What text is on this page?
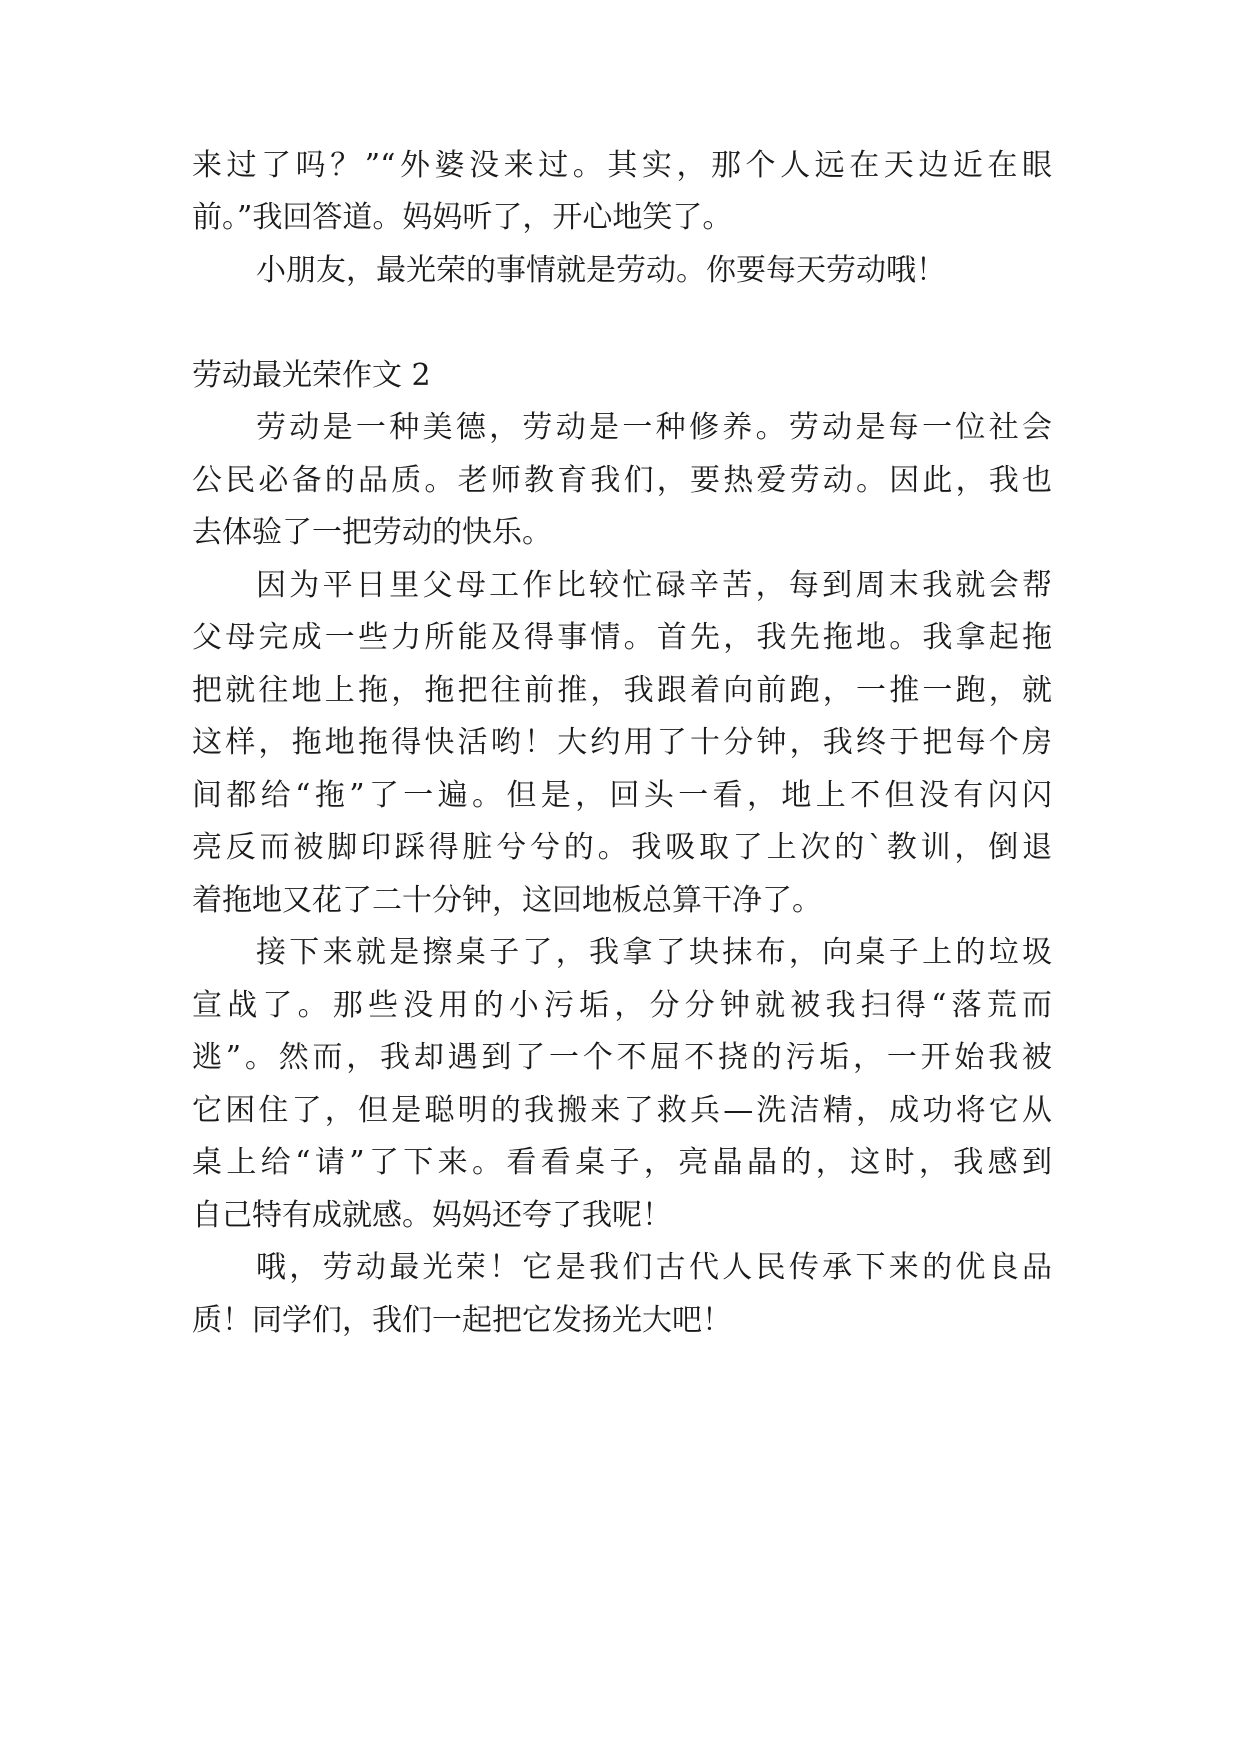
来过了吗？”“外婆没来过。其实，那个人远在天边近在眼
前。”我回答道。妈妈听了，开心地笑了。
小朋友，最光荣的事情就是劳动。你要每天劳动哦！
劳动最光荣作文 2
劳动是一种美德，劳动是一种修养。劳动是每一位社会
公民必备的品质。老师教育我们，要热爱劳动。因此，我也
去体验了一把劳动的快乐。
因为平日里父母工作比较忙碌辛苦，每到周末我就会帮
父母完成一些力所能及得事情。首先，我先拖地。我拿起拖
把就往地上拖，拖把往前推，我跟着向前跑，一推一跑，就
这样，拖地拖得快活哟！大约用了十分钟，我终于把每个房
间都给“拖”了一遍。但是，回头一看，地上不但没有闪闪
亮反而被脚印踩得脏兮兮的。我吸取了上次的`教训，倒退
着拖地又花了二十分钟，这回地板总算干净了。
接下来就是擦桌子了，我拿了块抹布，向桌子上的垃圾
宣战了。那些没用的小污垢，分分钟就被我扫得“落荒而
逃”。然而，我却遇到了一个不屈不挠的污垢，一开始我被
它困住了，但是聪明的我搬来了救兵—洗洁精，成功将它从
桌上给“请”了下来。看看桌子，亮晶晶的，这时，我感到
自己特有成就感。妈妈还夸了我呢！
哦，劳动最光荣！它是我们古代人民传承下来的优良品
质！同学们，我们一起把它发扬光大吧！
